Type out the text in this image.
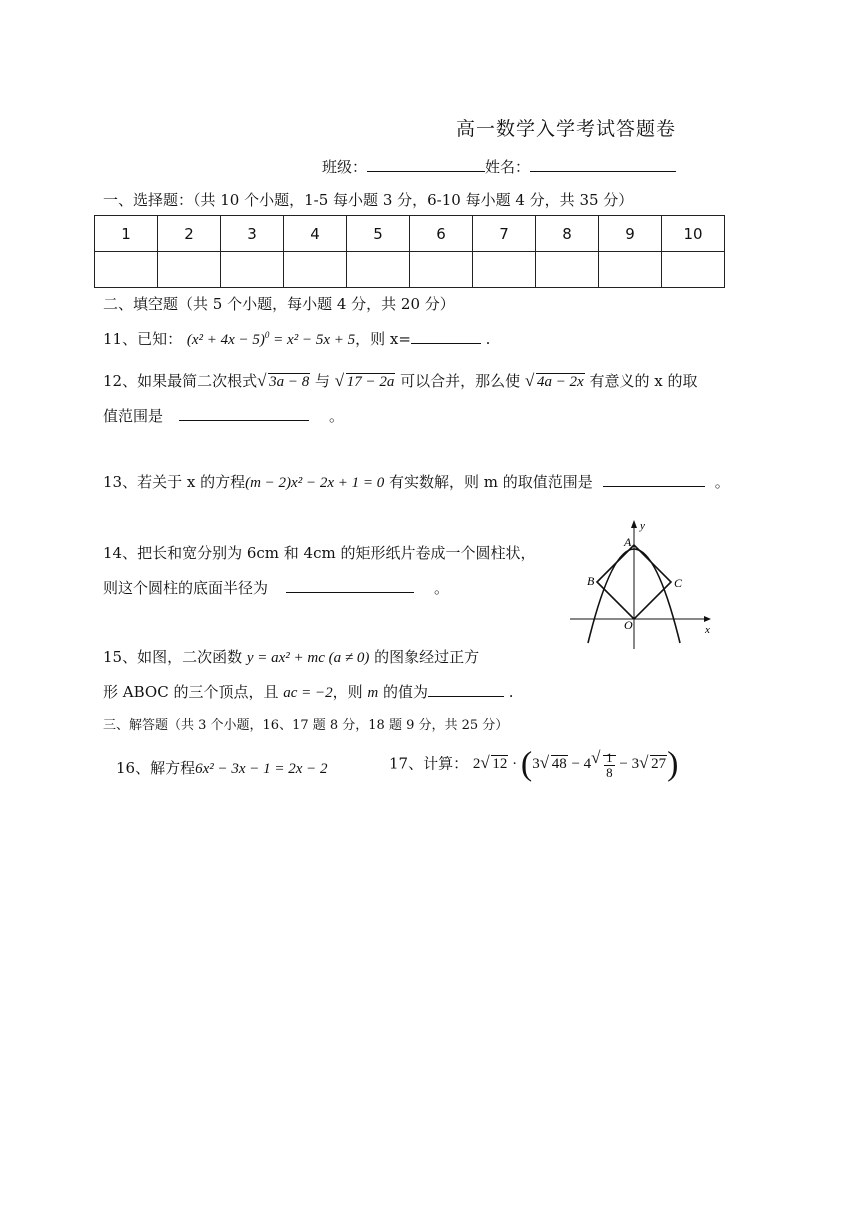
高一数学入学考试答题卷
班级：	姓名：
一、选择题：（共 10 个小题，1-5 每小题 3 分，6-10 每小题 4 分，共 35 分）
1	2	3	4	5	6	7	8	9	10

二、填空题（共 5 个小题，每小题 4 分，共 20 分）
11、已知： $(x^2 + 4x - 5)^0 = x^2 - 5x + 5$，则 x=	.
12、如果最简二次根式 √ 3a − 8 与 √ 17 − 2a 可以合并，那么使 √ 4a − 2x 有意义的 x 的取
值范围是	。
13、若关于 x 的方程(m − 2)x² − 2x + 1 = 0 有实数解，则 m 的取值范围是	。
14、把长和宽分别为 6cm 和 4cm 的矩形纸片卷成一个圆柱状，
则这个圆柱的底面半径为	。
y
x
A
B	C
O
15、如图，二次函数 y = ax² + mc (a ≠ 0) 的图象经过正方
形 ABOC 的三个顶点，且 ac = −2，则 m 的值为	.
三、解答题（共 3 个小题，16、17 题 8 分，18 题 9 分，共 25 分）
16、解方程6x² − 3x − 1 = 2x − 2	17、计算： 2 √ 12 · (3 √ 48 − 4 √ $\frac{1}{8} - 3$ √ 27)
